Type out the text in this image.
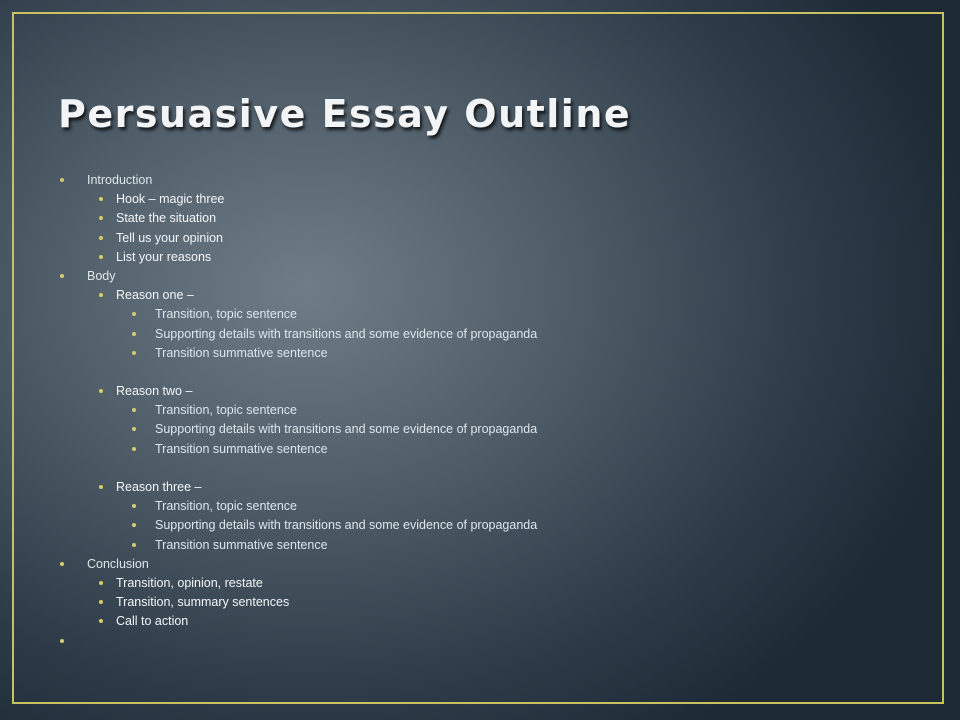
Persuasive Essay Outline
Introduction
Hook – magic three
State the situation
Tell us your opinion
List your reasons
Body
Reason one –
Transition, topic sentence
Supporting details with transitions and some evidence of propaganda
Transition summative sentence
Reason two –
Transition, topic sentence
Supporting details with transitions and some evidence of propaganda
Transition summative sentence
Reason three –
Transition, topic sentence
Supporting details with transitions and some evidence of propaganda
Transition summative sentence
Conclusion
Transition, opinion, restate
Transition, summary sentences
Call to action
